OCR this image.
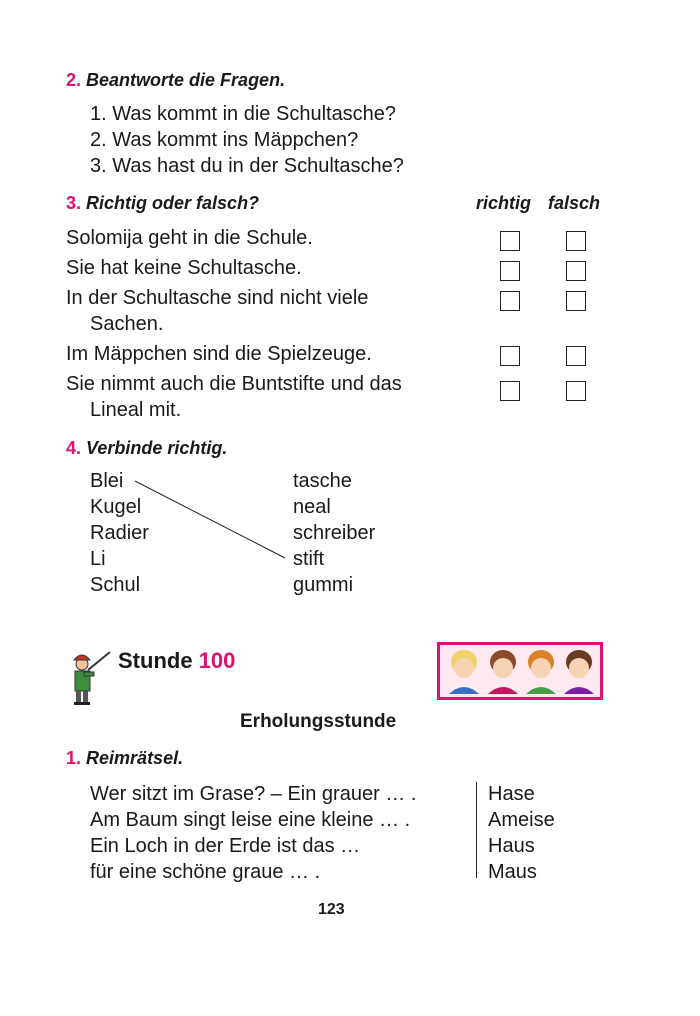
2. Beantworte die Fragen.
1. Was kommt in die Schultasche?
2. Was kommt ins Mäppchen?
3. Was hast du in der Schultasche?
3. Richtig oder falsch?	richtig falsch
Solomija geht in die Schule.
Sie hat keine Schultasche.
In der Schultasche sind nicht viele
Sachen.
Im Mäppchen sind die Spielzeuge.
Sie nimmt auch die Buntstifte und das
Lineal mit.
4. Verbinde richtig.
Blei
Kugel
Radier
Li
Schul
tasche
neal
schreiber
stift
gummi
Stunde 100
Erholungsstunde
1. Reimrätsel.
Wer sitzt im Grase? – Ein grauer … .
Am Baum singt leise eine kleine … .
Ein Loch in der Erde ist das …
für eine schöne graue … .
Hase
Ameise
Haus
Maus
123
